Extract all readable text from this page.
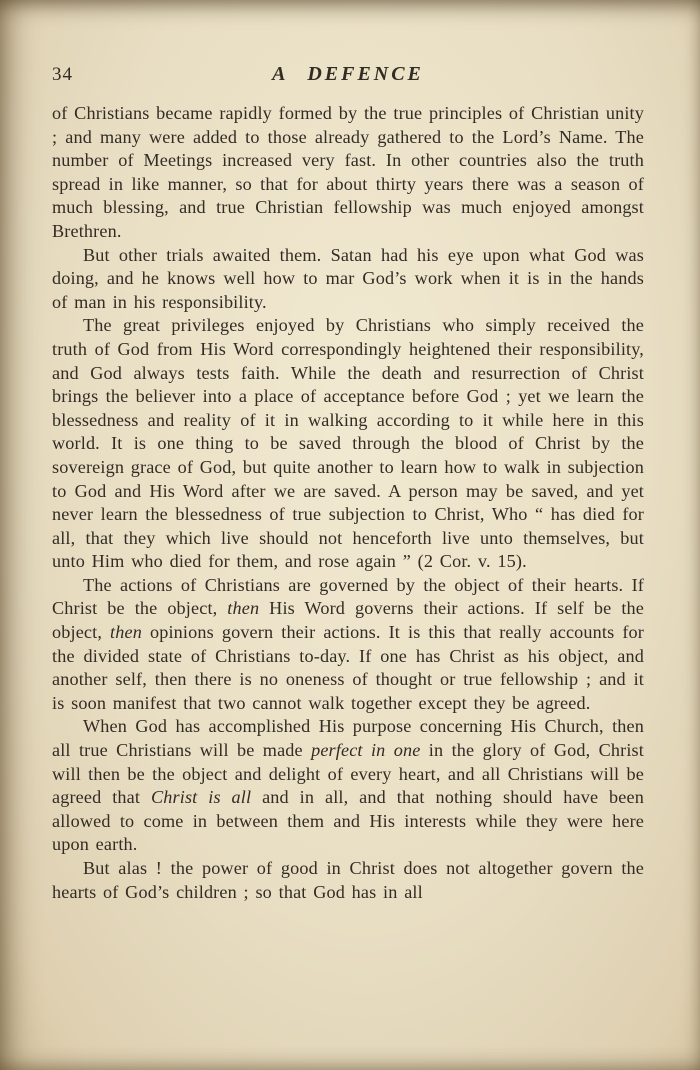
34	A DEFENCE

of Christians became rapidly formed by the true principles of Christian unity ; and many were added to those already gathered to the Lord’s Name. The number of Meetings increased very fast. In other countries also the truth spread in like manner, so that for about thirty years there was a season of much blessing, and true Christian fellowship was much enjoyed amongst Brethren.

But other trials awaited them. Satan had his eye upon what God was doing, and he knows well how to mar God’s work when it is in the hands of man in his responsibility.

The great privileges enjoyed by Christians who simply received the truth of God from His Word correspondingly heightened their responsibility, and God always tests faith. While the death and resurrection of Christ brings the believer into a place of acceptance before God ; yet we learn the blessedness and reality of it in walking according to it while here in this world. It is one thing to be saved through the blood of Christ by the sovereign grace of God, but quite another to learn how to walk in subjection to God and His Word after we are saved. A person may be saved, and yet never learn the blessedness of true subjection to Christ, Who “ has died for all, that they which live should not henceforth live unto themselves, but unto Him who died for them, and rose again ” (2 Cor. v. 15).

The actions of Christians are governed by the object of their hearts. If Christ be the object, then His Word governs their actions. If self be the object, then opinions govern their actions. It is this that really accounts for the divided state of Christians to-day. If one has Christ as his object, and another self, then there is no oneness of thought or true fellowship ; and it is soon manifest that two cannot walk together except they be agreed.

When God has accomplished His purpose concerning His Church, then all true Christians will be made perfect in one in the glory of God, Christ will then be the object and delight of every heart, and all Christians will be agreed that Christ is all and in all, and that nothing should have been allowed to come in between them and His interests while they were here upon earth.

But alas ! the power of good in Christ does not altogether govern the hearts of God’s children ; so that God has in all
